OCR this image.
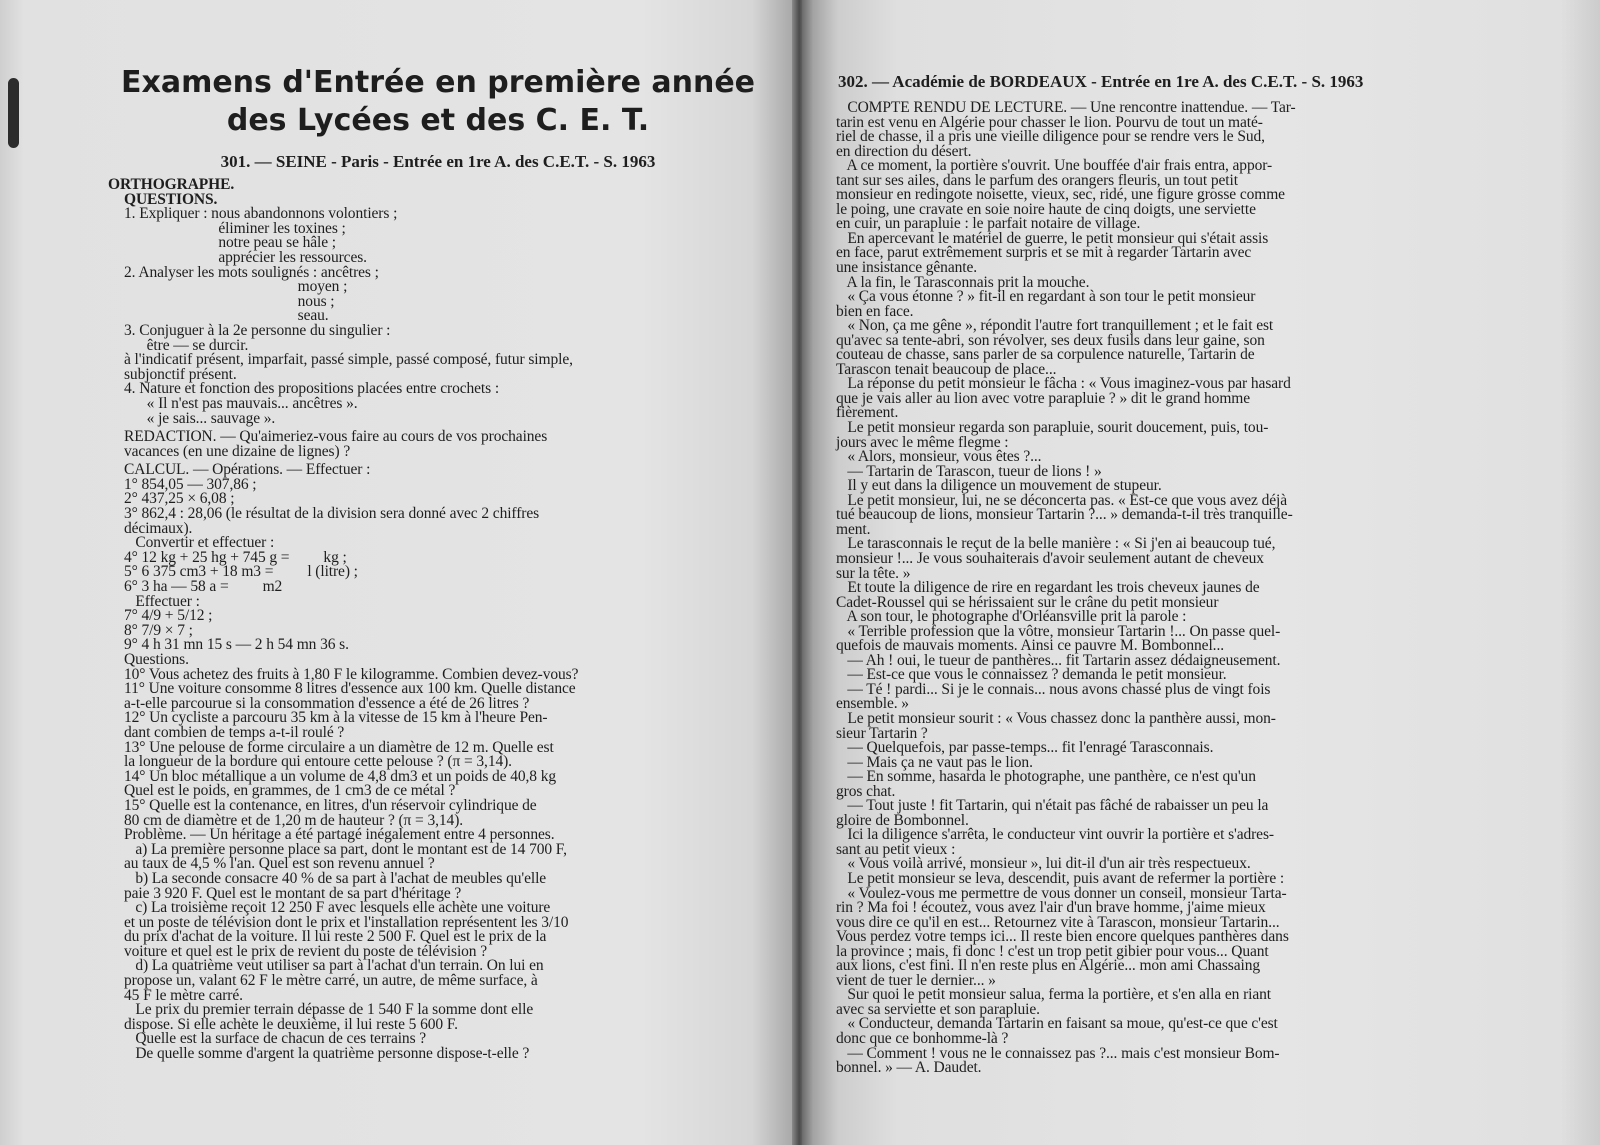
Examens d'Entrée en première année
des Lycées et des C. E. T.
301. — SEINE - Paris - Entrée en 1re A. des C.E.T. - S. 1963
ORTHOGRAPHE.
QUESTIONS.
1. Expliquer : nous abandonnons volontiers ;
éliminer les toxines ;
notre peau se hâle ;
apprécier les ressources.
2. Analyser les mots soulignés : ancêtres ;
moyen ;
nous ;
seau.
3. Conjuguer à la 2e personne du singulier :
être — se durcir.
à l'indicatif présent, imparfait, passé simple, passé composé, futur simple,
subjonctif présent.
4. Nature et fonction des propositions placées entre crochets :
« Il n'est pas mauvais... ancêtres ».
« je sais... sauvage ».
REDACTION. — Qu'aimeriez-vous faire au cours de vos prochaines
vacances (en une dizaine de lignes) ?
CALCUL. — Opérations. — Effectuer :
1° 854,05 — 307,86 ;
2° 437,25 × 6,08 ;
3° 862,4 : 28,06 (le résultat de la division sera donné avec 2 chiffres
décimaux).
Convertir et effectuer :
4° 12 kg + 25 hg + 745 g =         kg ;
5° 6 375 cm3 + 18 m3 =         l (litre) ;
6° 3 ha — 58 a =         m2
Effectuer :
7° 4/9 + 5/12 ;
8° 7/9 × 7 ;
9° 4 h 31 mn 15 s — 2 h 54 mn 36 s.
Questions.
10° Vous achetez des fruits à 1,80 F le kilogramme. Combien devez-vous?
11° Une voiture consomme 8 litres d'essence aux 100 km. Quelle distance
a-t-elle parcourue si la consommation d'essence a été de 26 litres ?
12° Un cycliste a parcouru 35 km à la vitesse de 15 km à l'heure Pen-
dant combien de temps a-t-il roulé ?
13° Une pelouse de forme circulaire a un diamètre de 12 m. Quelle est
la longueur de la bordure qui entoure cette pelouse ? (π = 3,14).
14° Un bloc métallique a un volume de 4,8 dm3 et un poids de 40,8 kg
Quel est le poids, en grammes, de 1 cm3 de ce métal ?
15° Quelle est la contenance, en litres, d'un réservoir cylindrique de
80 cm de diamètre et de 1,20 m de hauteur ? (π = 3,14).
Problème. — Un héritage a été partagé inégalement entre 4 personnes.
a) La première personne place sa part, dont le montant est de 14 700 F,
au taux de 4,5 % l'an. Quel est son revenu annuel ?
b) La seconde consacre 40 % de sa part à l'achat de meubles qu'elle
paie 3 920 F. Quel est le montant de sa part d'héritage ?
c) La troisième reçoit 12 250 F avec lesquels elle achète une voiture
et un poste de télévision dont le prix et l'installation représentent les 3/10
du prix d'achat de la voiture. Il lui reste 2 500 F. Quel est le prix de la
voiture et quel est le prix de revient du poste de télévision ?
d) La quatrième veut utiliser sa part à l'achat d'un terrain. On lui en
propose un, valant 62 F le mètre carré, un autre, de même surface, à
45 F le mètre carré.
Le prix du premier terrain dépasse de 1 540 F la somme dont elle
dispose. Si elle achète le deuxième, il lui reste 5 600 F.
Quelle est la surface de chacun de ces terrains ?
De quelle somme d'argent la quatrième personne dispose-t-elle ?
302. — Académie de BORDEAUX - Entrée en 1re A. des C.E.T. - S. 1963
COMPTE RENDU DE LECTURE. — Une rencontre inattendue. — Tar-
tarin est venu en Algérie pour chasser le lion. Pourvu de tout un maté-
riel de chasse, il a pris une vieille diligence pour se rendre vers le Sud,
en direction du désert.
A ce moment, la portière s'ouvrit. Une bouffée d'air frais entra, appor-
tant sur ses ailes, dans le parfum des orangers fleuris, un tout petit
monsieur en redingote noisette, vieux, sec, ridé, une figure grosse comme
le poing, une cravate en soie noire haute de cinq doigts, une serviette
en cuir, un parapluie : le parfait notaire de village.
En apercevant le matériel de guerre, le petit monsieur qui s'était assis
en face, parut extrêmement surpris et se mit à regarder Tartarin avec
une insistance gênante.
A la fin, le Tarasconnais prit la mouche.
« Ça vous étonne ? » fit-il en regardant à son tour le petit monsieur
bien en face.
« Non, ça me gêne », répondit l'autre fort tranquillement ; et le fait est
qu'avec sa tente-abri, son révolver, ses deux fusils dans leur gaine, son
couteau de chasse, sans parler de sa corpulence naturelle, Tartarin de
Tarascon tenait beaucoup de place...
La réponse du petit monsieur le fâcha : « Vous imaginez-vous par hasard
que je vais aller au lion avec votre parapluie ? » dit le grand homme
fièrement.
Le petit monsieur regarda son parapluie, sourit doucement, puis, tou-
jours avec le même flegme :
« Alors, monsieur, vous êtes ?...
— Tartarin de Tarascon, tueur de lions ! »
Il y eut dans la diligence un mouvement de stupeur.
Le petit monsieur, lui, ne se déconcerta pas. « Est-ce que vous avez déjà
tué beaucoup de lions, monsieur Tartarin ?... » demanda-t-il très tranquille-
ment.
Le tarasconnais le reçut de la belle manière : « Si j'en ai beaucoup tué,
monsieur !... Je vous souhaiterais d'avoir seulement autant de cheveux
sur la tête. »
Et toute la diligence de rire en regardant les trois cheveux jaunes de
Cadet-Roussel qui se hérissaient sur le crâne du petit monsieur
A son tour, le photographe d'Orléansville prit la parole :
« Terrible profession que la vôtre, monsieur Tartarin !... On passe quel-
quefois de mauvais moments. Ainsi ce pauvre M. Bombonnel...
— Ah ! oui, le tueur de panthères... fit Tartarin assez dédaigneusement.
— Est-ce que vous le connaissez ? demanda le petit monsieur.
— Té ! pardi... Si je le connais... nous avons chassé plus de vingt fois
ensemble. »
Le petit monsieur sourit : « Vous chassez donc la panthère aussi, mon-
sieur Tartarin ?
— Quelquefois, par passe-temps... fit l'enragé Tarasconnais.
— Mais ça ne vaut pas le lion.
— En somme, hasarda le photographe, une panthère, ce n'est qu'un
gros chat.
— Tout juste ! fit Tartarin, qui n'était pas fâché de rabaisser un peu la
gloire de Bombonnel.
Ici la diligence s'arrêta, le conducteur vint ouvrir la portière et s'adres-
sant au petit vieux :
« Vous voilà arrivé, monsieur », lui dit-il d'un air très respectueux.
Le petit monsieur se leva, descendit, puis avant de refermer la portière :
« Voulez-vous me permettre de vous donner un conseil, monsieur Tarta-
rin ? Ma foi ! écoutez, vous avez l'air d'un brave homme, j'aime mieux
vous dire ce qu'il en est... Retournez vite à Tarascon, monsieur Tartarin...
Vous perdez votre temps ici... Il reste bien encore quelques panthères dans
la province ; mais, fi donc ! c'est un trop petit gibier pour vous... Quant
aux lions, c'est fini. Il n'en reste plus en Algérie... mon ami Chassaing
vient de tuer le dernier... »
Sur quoi le petit monsieur salua, ferma la portière, et s'en alla en riant
avec sa serviette et son parapluie.
« Conducteur, demanda Tartarin en faisant sa moue, qu'est-ce que c'est
donc que ce bonhomme-là ?
— Comment ! vous ne le connaissez pas ?... mais c'est monsieur Bom-
bonnel. » — A. Daudet.
